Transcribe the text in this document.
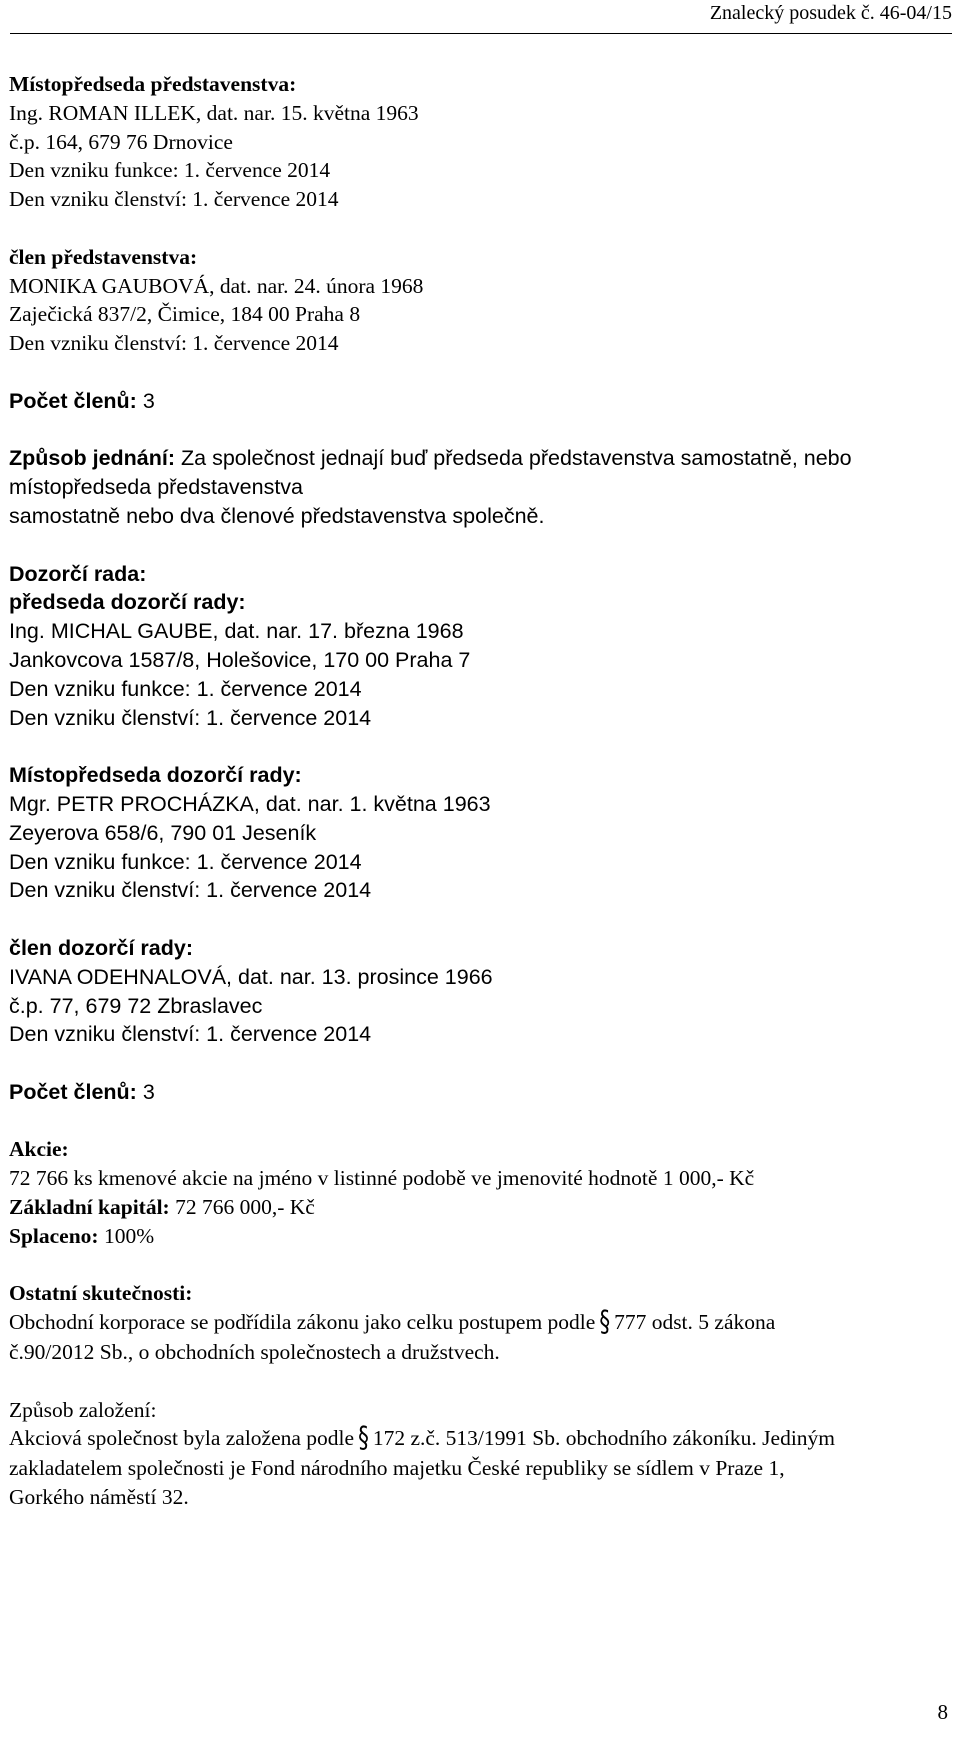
Znalecký posudek č. 46-04/15

Místopředseda představenstva:

Ing. ROMAN ILLEK, dat. nar. 15. května 1963

č.p. 164, 679 76 Drnovice

Den vzniku funkce: 1. července 2014

Den vzniku členství: 1. července 2014

člen představenstva:

MONIKA GAUBOVÁ, dat. nar. 24. února 1968

Zaječická 837/2, Čimice, 184 00 Praha 8

Den vzniku členství: 1. července 2014

Počet členů: 3

Způsob jednání: Za společnost jednají buď předseda představenstva samostatně, nebo

místopředseda představenstva

samostatně nebo dva členové představenstva společně.

Dozorčí rada:

předseda dozorčí rady:

Ing. MICHAL GAUBE, dat. nar. 17. března 1968

Jankovcova 1587/8, Holešovice, 170 00 Praha 7

Den vzniku funkce: 1. července 2014

Den vzniku členství: 1. července 2014

Místopředseda dozorčí rady:

Mgr. PETR PROCHÁZKA, dat. nar. 1. května 1963

Zeyerova 658/6, 790 01 Jeseník

Den vzniku funkce: 1. července 2014

Den vzniku členství: 1. července 2014

člen dozorčí rady:

IVANA ODEHNALOVÁ, dat. nar. 13. prosince 1966

č.p. 77, 679 72 Zbraslavec

Den vzniku členství: 1. července 2014

Počet členů: 3

Akcie:

72 766 ks kmenové akcie na jméno v listinné podobě ve jmenovité hodnotě 1 000,- Kč

Základní kapitál: 72 766 000,- Kč

Splaceno: 100%

Ostatní skutečnosti:

Obchodní korporace se podřídila zákonu jako celku postupem podle § 777 odst. 5 zákona

č.90/2012 Sb., o obchodních společnostech a družstvech.

Způsob založení:

Akciová společnost byla založena podle § 172 z.č. 513/1991 Sb. obchodního zákoníku. Jediným

zakladatelem společnosti je Fond národního majetku České republiky se sídlem v Praze 1,

Gorkého náměstí 32.

8
